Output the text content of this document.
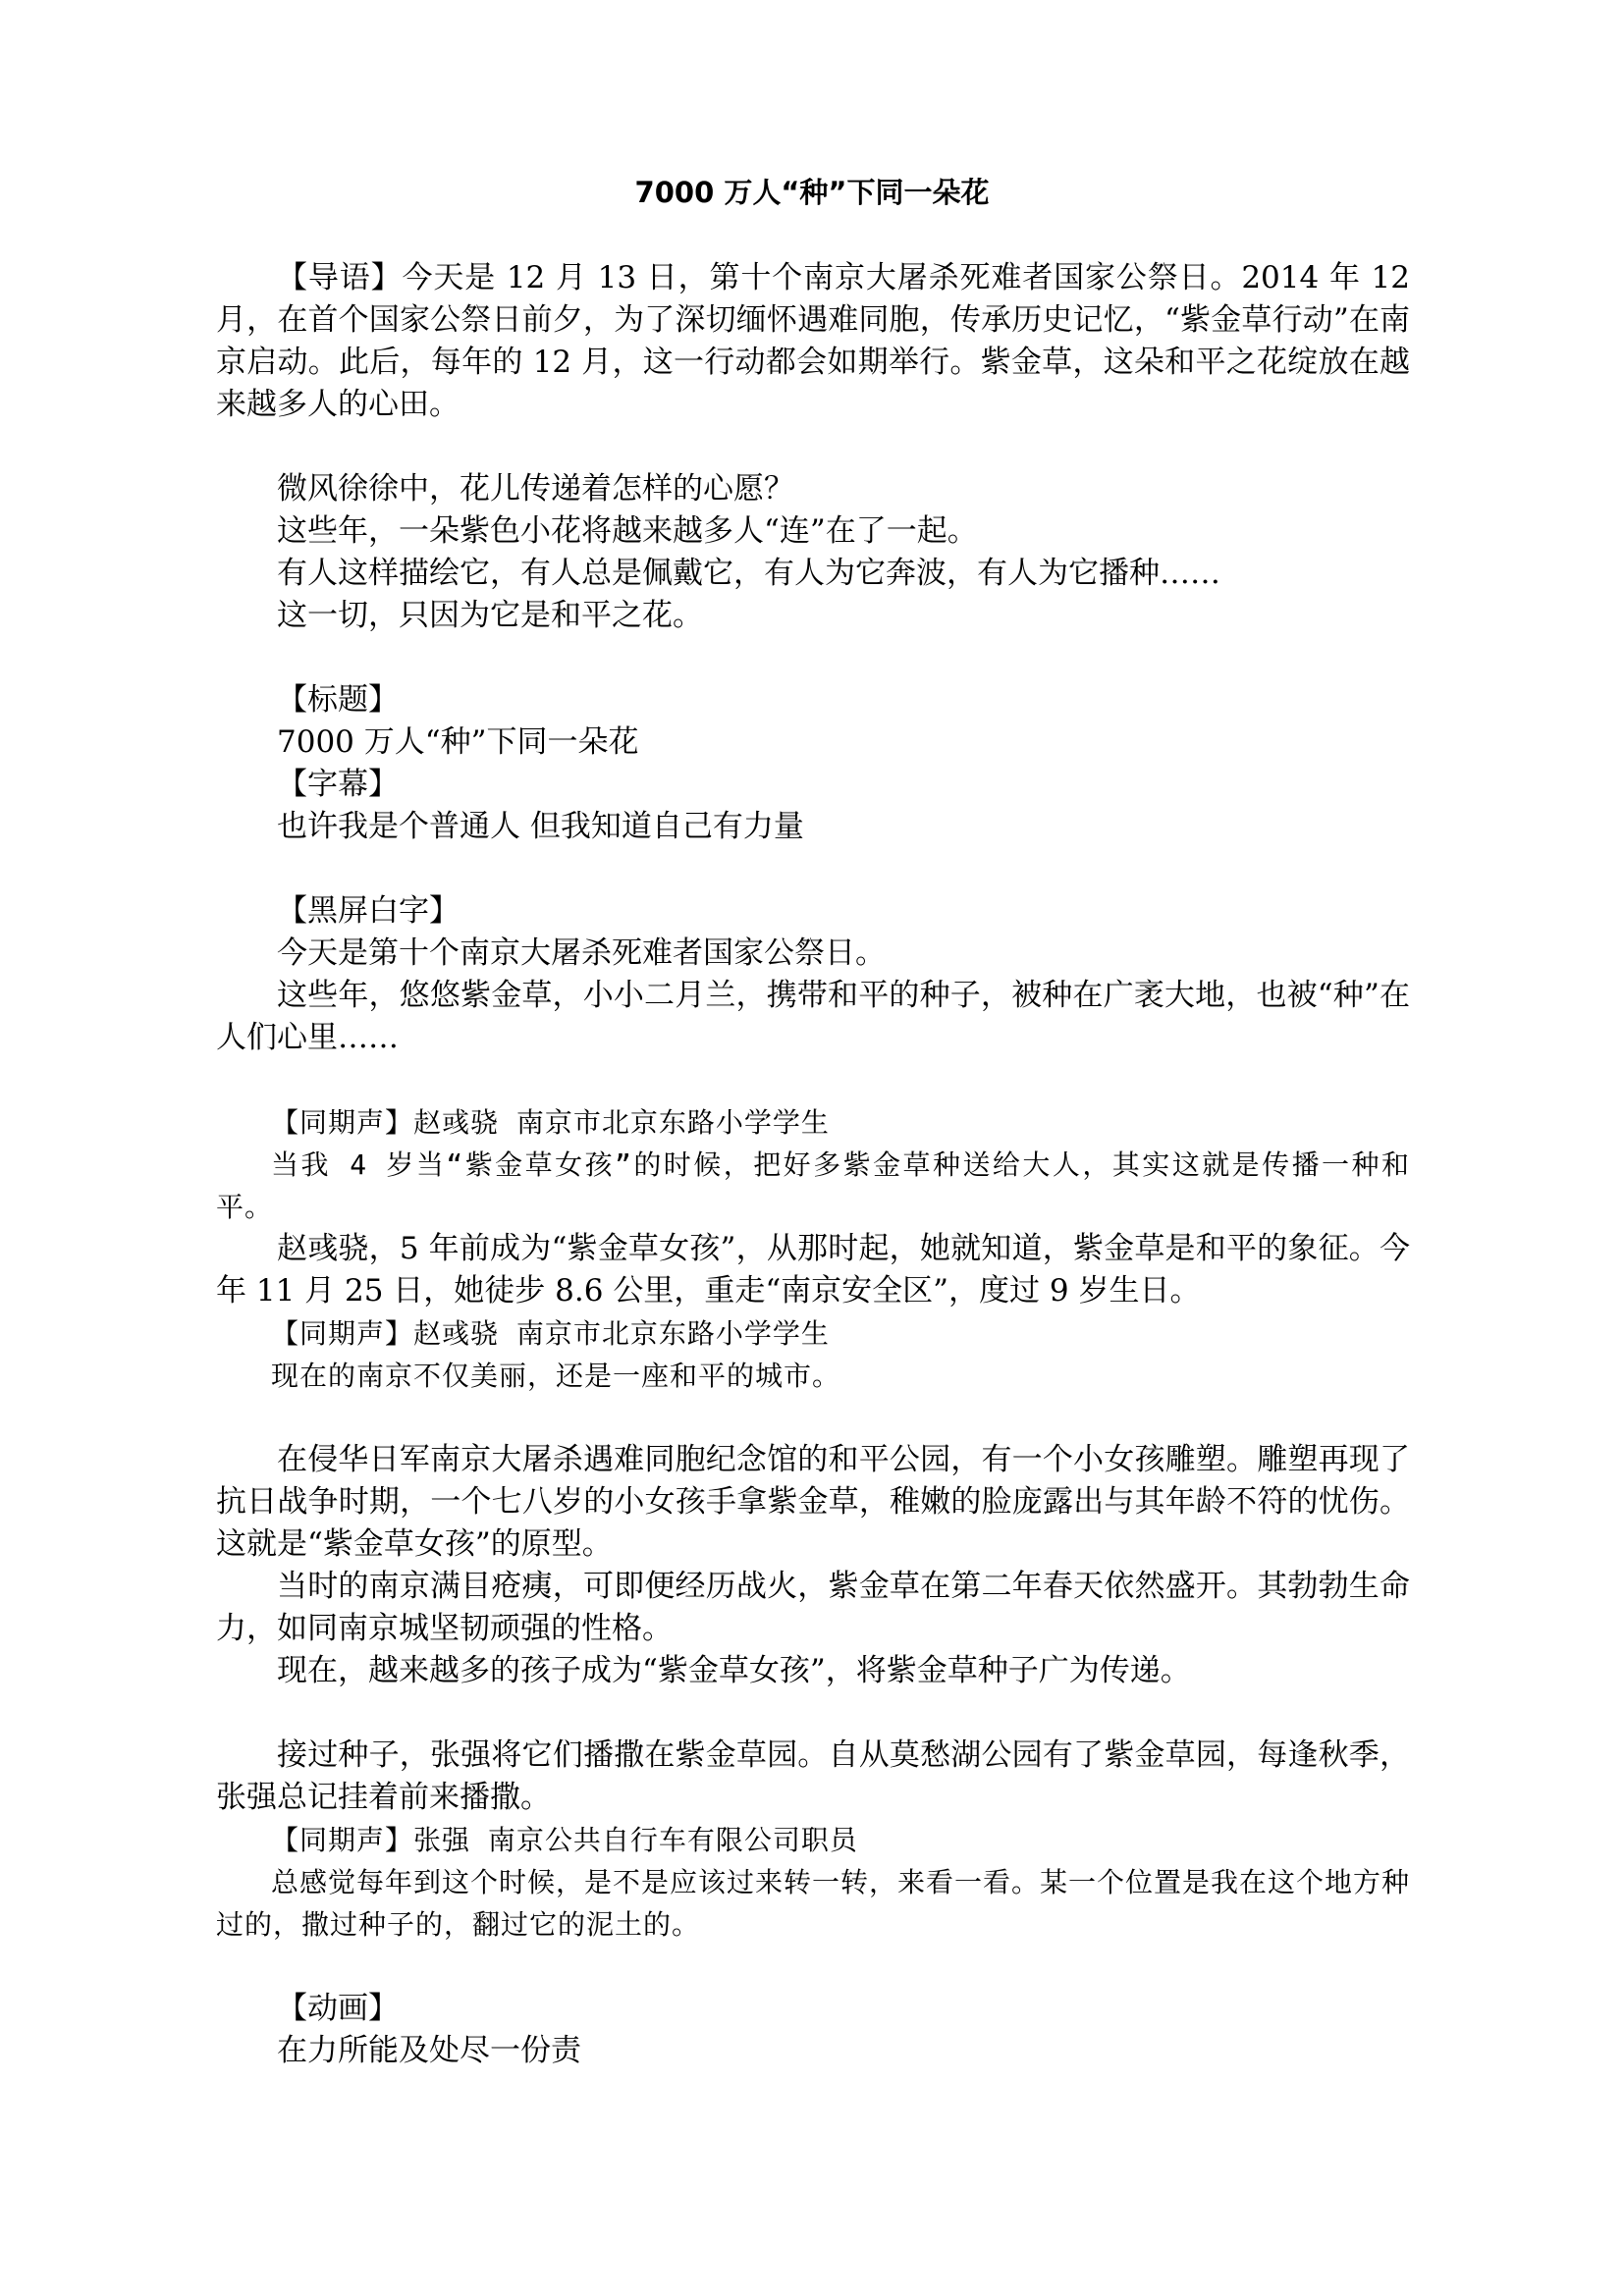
7000 万人“种”下同一朵花

【导语】今天是 12 月 13 日，第十个南京大屠杀死难者国家公祭日。2014 年 12 月，在首个国家公祭日前夕，为了深切缅怀遇难同胞，传承历史记忆，“紫金草行动”在南京启动。此后，每年的 12 月，这一行动都会如期举行。紫金草，这朵和平之花绽放在越来越多人的心田。

微风徐徐中，花儿传递着怎样的心愿？

这些年，一朵紫色小花将越来越多人“连”在了一起。

有人这样描绘它，有人总是佩戴它，有人为它奔波，有人为它播种……

这一切，只因为它是和平之花。

【标题】

7000 万人“种”下同一朵花

【字幕】

也许我是个普通人 但我知道自己有力量

【黑屏白字】

今天是第十个南京大屠杀死难者国家公祭日。

这些年，悠悠紫金草，小小二月兰，携带和平的种子，被种在广袤大地，也被“种”在人们心里……

【同期声】赵彧骁 南京市北京东路小学学生

当我 4 岁当“紫金草女孩”的时候，把好多紫金草种送给大人，其实这就是传播一种和平。

赵彧骁，5 年前成为“紫金草女孩”，从那时起，她就知道，紫金草是和平的象征。今年 11 月 25 日，她徒步 8.6 公里，重走“南京安全区”，度过 9 岁生日。

【同期声】赵彧骁 南京市北京东路小学学生

现在的南京不仅美丽，还是一座和平的城市。

在侵华日军南京大屠杀遇难同胞纪念馆的和平公园，有一个小女孩雕塑。雕塑再现了抗日战争时期，一个七八岁的小女孩手拿紫金草，稚嫩的脸庞露出与其年龄不符的忧伤。这就是“紫金草女孩”的原型。

当时的南京满目疮痍，可即便经历战火，紫金草在第二年春天依然盛开。其勃勃生命力，如同南京城坚韧顽强的性格。

现在，越来越多的孩子成为“紫金草女孩”，将紫金草种子广为传递。

接过种子，张强将它们播撒在紫金草园。自从莫愁湖公园有了紫金草园，每逢秋季，张强总记挂着前来播撒。

【同期声】张强 南京公共自行车有限公司职员

总感觉每年到这个时候，是不是应该过来转一转，来看一看。某一个位置是我在这个地方种过的，撒过种子的，翻过它的泥土的。

【动画】

在力所能及处尽一份责
